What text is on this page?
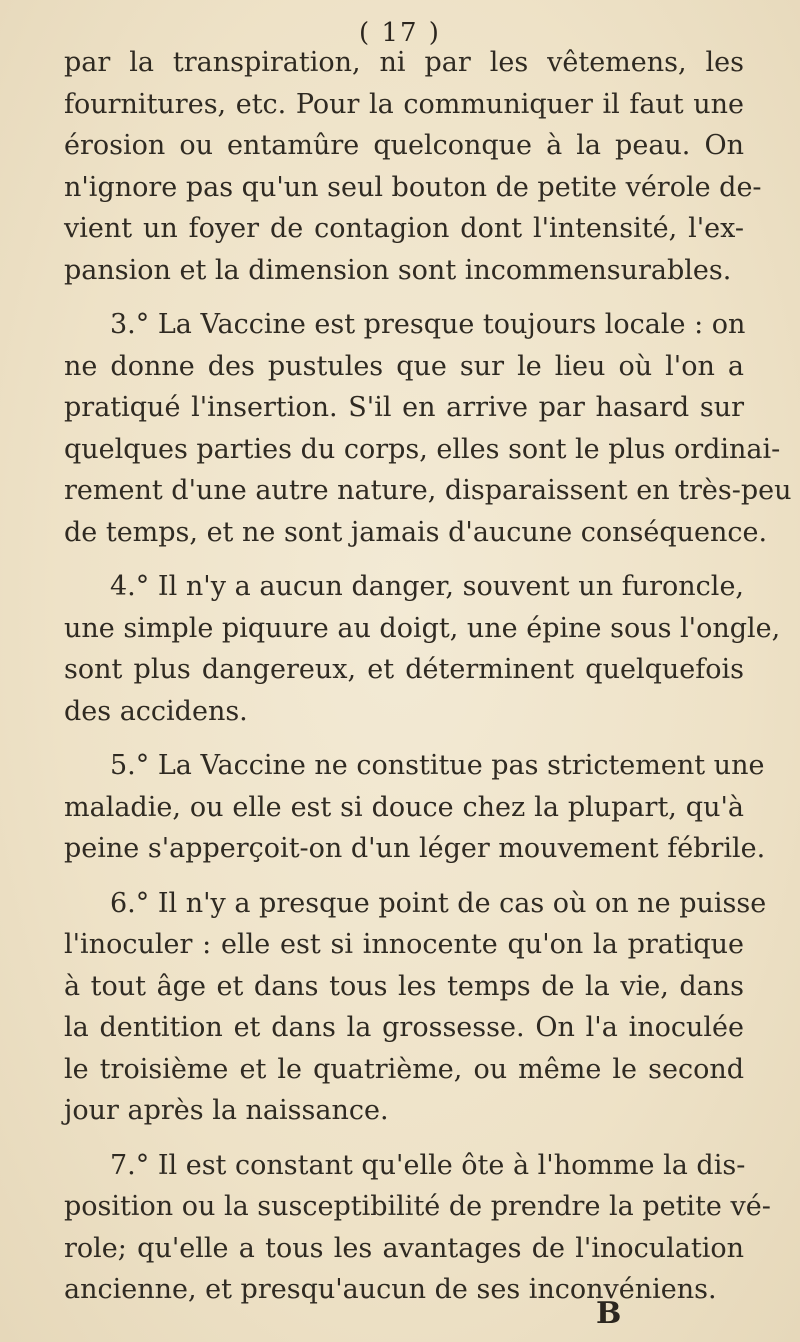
( 17 )
par la transpiration, ni par les vêtemens, les
fournitures, etc. Pour la communiquer il faut une
érosion ou entamûre quelconque à la peau. On
n'ignore pas qu'un seul bouton de petite vérole de-
vient un foyer de contagion dont l'intensité, l'ex-
pansion et la dimension sont incommensurables.
3.° La Vaccine est presque toujours locale : on
ne donne des pustules que sur le lieu où l'on a
pratiqué l'insertion. S'il en arrive par hasard sur
quelques parties du corps, elles sont le plus ordinai-
rement d'une autre nature, disparaissent en très-peu
de temps, et ne sont jamais d'aucune conséquence.
4.° Il n'y a aucun danger, souvent un furoncle,
une simple piquure au doigt, une épine sous l'ongle,
sont plus dangereux, et déterminent quelquefois
des accidens.
5.° La Vaccine ne constitue pas strictement une
maladie, ou elle est si douce chez la plupart, qu'à
peine s'apperçoit-on d'un léger mouvement fébrile.
6.° Il n'y a presque point de cas où on ne puisse
l'inoculer : elle est si innocente qu'on la pratique
à tout âge et dans tous les temps de la vie, dans
la dentition et dans la grossesse. On l'a inoculée
le troisième et le quatrième, ou même le second
jour après la naissance.
7.° Il est constant qu'elle ôte à l'homme la dis-
position ou la susceptibilité de prendre la petite vé-
role; qu'elle a tous les avantages de l'inoculation
ancienne, et presqu'aucun de ses inconvéniens.
B
